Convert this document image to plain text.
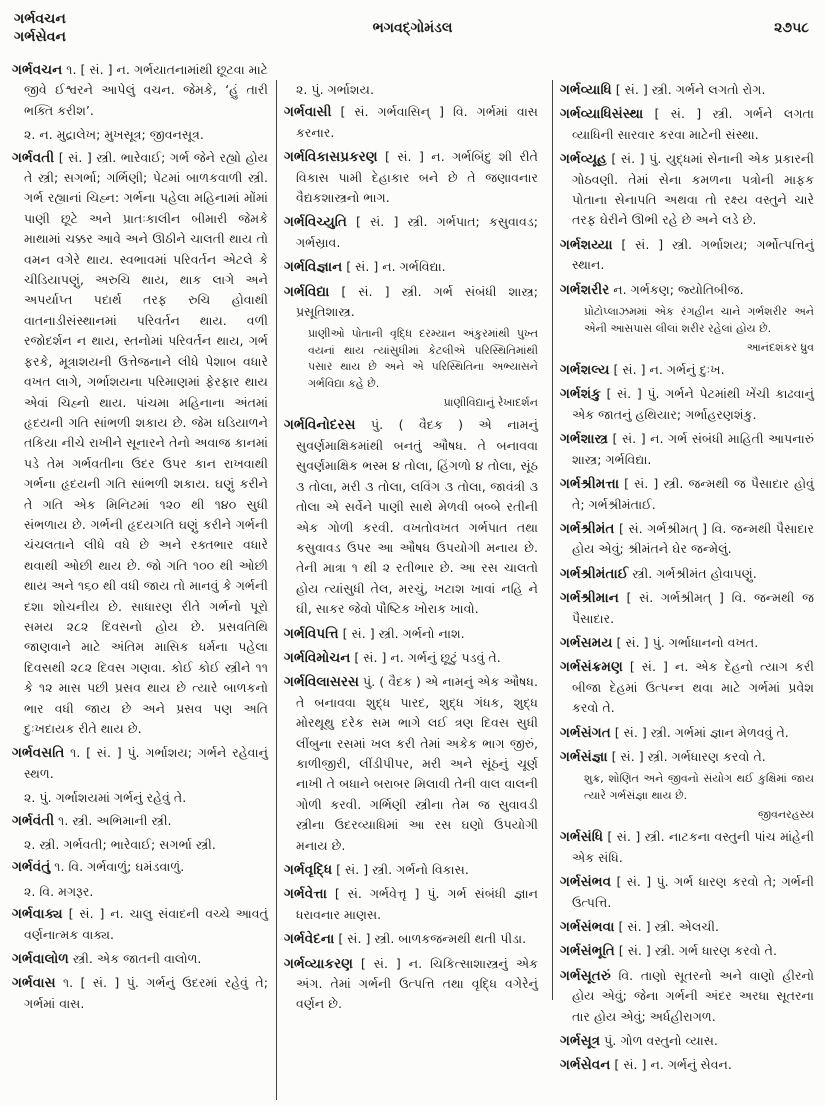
ગર્ભવચન
ગર્ભસેવન
ભગવદ્ગોમંડલ	૨૭૫૮
ગર્ભવચન ૧. [ સં. ] ન. ગર્ભયાતનામાંથી છૂટવા માટે જીવે ઈશ્વરને આપેલું વચન. જેમકે, ‘હું તારી ભક્તિ કરીશ’.
૨. ન. મુદ્રાલેખ; મુખસૂત્ર; જીવનસૂત્ર.
ગર્ભવતી [ સં. ] સ્ત્રી. ભારેવાઈ; ગર્ભ જેને રહ્યો હોય તે સ્ત્રી; સગર્ભા; ગર્ભિણી; પેટમાં બાળકવાળી સ્ત્રી. ગર્ભ રહ્યાનાં ચિહ્ન: ગર્ભના પહેલા મહિનામાં મોંમાં પાણી છૂટે અને પ્રાતઃકાલીન બીમારી જેમકે માથામાં ચક્કર આવે અને ઊઠીને ચાલતી થાય તો વમન વગેરે થાય. સ્વભાવમાં પરિવર્તન એટલે કે ચીડિયાપણું, અરુચિ થાય, થાક લાગે અને અપર્યાપ્ત પદાર્થ તરફ રુચિ હોવાથી વાતનાડીસંસ્થાનમાં પરિવર્તન થાય. વળી રજોદર્શન ન થાય, સ્તનોમાં પરિવર્તન થાય, ગર્ભ ફરકે, મૂત્રાશયની ઉત્તેજનાને લીધે પેશાબ વધારે વખત લાગે, ગર્ભાશયના પરિમાણમાં ફેરફાર થાય એવાં ચિહ્નો થાય. પાંચમા મહિનાના અંતમાં હૃદયની ગતિ સાંભળી શકાય છે. જેમ ઘડિયાળને તકિયા નીચે રાખીને સૂનારને તેનો અવાજ કાનમાં પડે તેમ ગર્ભવતીના ઉદર ઉપર કાન રાખવાથી ગર્ભના હૃદયની ગતિ સાંભળી શકાય. ઘણું કરીને તે ગતિ એક મિનિટમાં ૧૨૦ થી ૧૪૦ સુધી સંભળાય છે. ગર્ભની હૃદયગતિ ઘણું કરીને ગર્ભની ચંચલતાને લીધે વધે છે અને રક્તભાર વધારે થવાથી ઓછી થાય છે. જો ગતિ ૧૦૦ થી ઓછી થાય અને ૧૬૦ થી વધી જાય તો માનવું કે ગર્ભની દશા શોચનીય છે. સાધારણ રીતે ગર્ભનો પૂરો સમય ૨૮૨ દિવસનો હોય છે. પ્રસવતિથિ જાણવાને માટે અંતિમ માસિક ધર્મના પહેલા દિવસથી ૨૮૨ દિવસ ગણવા. કોઈ કોઈ સ્ત્રીને ૧૧ કે ૧૨ માસ પછી પ્રસવ થાય છે ત્યારે બાળકનો ભાર વધી જાય છે અને પ્રસવ પણ અતિ દુઃખદાયક રીતે થાય છે.
ગર્ભવસતિ ૧. [ સં. ] પું. ગર્ભાશય; ગર્ભને રહેવાનું સ્થળ.
૨. પું. ગર્ભાશયમાં ગર્ભનું રહેવું તે.
ગર્ભવંતી ૧. સ્ત્રી. અભિમાની સ્ત્રી.
૨. સ્ત્રી. ગર્ભવતી; ભારેવાઈ; સગર્ભા સ્ત્રી.
ગર્ભવંતું ૧. વિ. ગર્ભવાળું; ઘમંડવાળું.
૨. વિ. મગરૂર.
ગર્ભવાક્ય [ સં. ] ન. ચાલુ સંવાદની વચ્ચે આવતું વર્ણનાત્મક વાક્ય.
ગર્ભવાલોળ સ્ત્રી. એક જાતની વાલોળ.
ગર્ભવાસ ૧. [ સં. ] પું. ગર્ભનું ઉદરમાં રહેવું તે; ગર્ભમાં વાસ.
૨. પું. ગર્ભાશય.
ગર્ભવાસી [ સં. ગર્ભવાસિન્ ] વિ. ગર્ભમાં વાસ કરનાર.
ગર્ભવિકાસપ્રકરણ [ સં. ] ન. ગર્ભબિંદુ શી રીતે વિકાસ પામી દેહાકાર બને છે તે જણાવનાર વૈદ્યકશાસ્ત્રનો ભાગ.
ગર્ભવિચ્યુતિ [ સં. ] સ્ત્રી. ગર્ભપાત; કસુવાવડ; ગર્ભસ્રાવ.
ગર્ભવિજ્ઞાન [ સં. ] ન. ગર્ભવિદ્યા.
ગર્ભવિદ્યા [ સં. ] સ્ત્રી. ગર્ભ સંબંધી શાસ્ત્ર; પ્રસૂતિશાસ્ત્ર.
પ્રાણીઓ પોતાની વૃદ્ધિ દરમ્યાન અંકુરમાંથી પુખ્ત વયનાં થાય ત્યાંસુધીમાં કેટલીએ પરિસ્થિતિમાંથી પસાર થાય છે અને એ પરિસ્થિતિના અભ્યાસને ગર્ભવિદ્યા કહે છે.
પ્રાણીવિદ્યાનું રેખાદર્શન
ગર્ભવિનોદરસ પું. ( વૈદક ) એ નામનું સુવર્ણમાક્ષિકમાંથી બનતું ઔષધ. તે બનાવવા સુવર્ણમાક્ષિક ભસ્મ ૪ તોલા, હિંગળો ૪ તોલા, સૂંઠ ૩ તોલા, મરી ૩ તોલા, લવિંગ ૩ તોલા, જાવંત્રી ૩ તોલા એ સર્વેને પાણી સાથે મેળવી બબ્બે રતીની એક ગોળી કરવી. વખતોવખત ગર્ભપાત તથા કસુવાવડ ઉપર આ ઔષધ ઉપયોગી મનાય છે. તેની માત્રા ૧ થી ૨ રતીભાર છે. આ રસ ચાલતો હોય ત્યાંસુધી તેલ, મરચું, ખટાશ ખાવાં નહિ ને ઘી, સાકર જેવો પૌષ્ટિક ખોરાક ખાવો.
ગર્ભવિપત્તિ [ સં. ] સ્ત્રી. ગર્ભનો નાશ.
ગર્ભવિમોચન [ સં. ] ન. ગર્ભનું છૂટું પડવું તે.
ગર્ભવિલાસરસ પું. ( વૈદક ) એ નામનું એક ઔષધ. તે બનાવવા શુદ્ધ પારદ, શુદ્ધ ગંધક, શુદ્ધ મોરથૂથુ દરેક સમ ભાગે લઈ ત્રણ દિવસ સુધી લીંબુના રસમાં ખલ કરી તેમાં અકેક ભાગ જીરું, કાળીજીરી, લીંડીપીપર, મરી અને સૂંઠનું ચૂર્ણ નાખી તે બધાને બરાબર મિલાવી તેની વાલ વાલની ગોળી કરવી. ગર્ભિણી સ્ત્રીના તેમ જ સુવાવડી સ્ત્રીના ઉદરવ્યાધિમાં આ રસ ઘણો ઉપયોગી મનાય છે.
ગર્ભવૃદ્ધિ [ સં. ] સ્ત્રી. ગર્ભનો વિકાસ.
ગર્ભવેત્તા [ સં. ગર્ભવેત્તૃ ] પું. ગર્ભ સંબંધી જ્ઞાન ધરાવનાર માણસ.
ગર્ભવેદના [ સં. ] સ્ત્રી. બાળકજન્મથી થતી પીડા.
ગર્ભવ્યાકરણ [ સં. ] ન. ચિકિત્સાશાસ્ત્રનું એક અંગ. તેમાં ગર્ભની ઉત્પત્તિ તથા વૃદ્ધિ વગેરેનું વર્ણન છે.
ગર્ભવ્યાધિ [ સં. ] સ્ત્રી. ગર્ભને લગતો રોગ.
ગર્ભવ્યાધિસંસ્થા [ સં. ] સ્ત્રી. ગર્ભને લગતા વ્યાધિની સારવાર કરવા માટેની સંસ્થા.
ગર્ભવ્યૂહ [ સં. ] પું. યુદ્ધમાં સેનાની એક પ્રકારની ગોઠવણી. તેમાં સેના કમળના પત્રોની માફક પોતાના સેનાપતિ અથવા તો રક્ષ્ય વસ્તુને ચારે તરફ ઘેરીને ઊભી રહે છે અને લડે છે.
ગર્ભશય્યા [ સં. ] સ્ત્રી. ગર્ભાશય; ગર્ભોત્પત્તિનું સ્થાન.
ગર્ભશરીર ન. ગર્ભકણ; જ્યોતિબીજ.
પ્રોટોપ્લાઝમમાં એક રંગહીન ચાને ગર્ભશરીર અને એની આસપાસ લીલાં શરીર રહેલાં હોય છે.
આનંદશંકર ધ્રુવ
ગર્ભશલ્ય [ સં. ] ન. ગર્ભનું દુઃખ.
ગર્ભશંકુ [ સં. ] પું. ગર્ભને પેટમાંથી ખેંચી કાઢવાનું એક જાતનું હથિયાર; ગર્ભાહરણશંકુ.
ગર્ભશાસ્ત્ર [ સં. ] ન. ગર્ભ સંબંધી માહિતી આપનારું શાસ્ત્ર; ગર્ભવિદ્યા.
ગર્ભશ્રીમત્તા [ સં. ] સ્ત્રી. જન્મથી જ પૈસાદાર હોવું તે; ગર્ભશ્રીમંતાઈ.
ગર્ભશ્રીમંત [ સં. ગર્ભશ્રીમત્ ] વિ. જન્મથી પૈસાદાર હોય એવું; શ્રીમંતને ઘેર જન્મેલું.
ગર્ભશ્રીમંતાઈ સ્ત્રી. ગર્ભશ્રીમંત હોવાપણું.
ગર્ભશ્રીમાન [ સં. ગર્ભશ્રીમત્ ] વિ. જન્મથી જ પૈસાદાર.
ગર્ભસમય [ સં. ] પું. ગર્ભાધાનનો વખત.
ગર્ભસંક્રમણ [ સં. ] ન. એક દેહનો ત્યાગ કરી બીજા દેહમાં ઉત્પન્ન થવા માટે ગર્ભમાં પ્રવેશ કરવો તે.
ગર્ભસંગત [ સં. ] સ્ત્રી. ગર્ભમાં જ્ઞાન મેળવવું તે.
ગર્ભસંજ્ઞા [ સં. ] સ્ત્રી. ગર્ભધારણ કરવો તે.
શુક્ર, શોણિત અને જીવનો સંયોગ થઈ કુક્ષિમાં જાય ત્યારે ગર્ભસંજ્ઞા થાય છે.
જીવનરહસ્ય
ગર્ભસંધિ [ સં. ] સ્ત્રી. નાટકના વસ્તુની પાંચ માંહેની એક સંધિ.
ગર્ભસંભવ [ સં. ] પું. ગર્ભ ધારણ કરવો તે; ગર્ભની ઉત્પત્તિ.
ગર્ભસંભવા [ સં. ] સ્ત્રી. એલચી.
ગર્ભસંભૂતિ [ સં. ] સ્ત્રી. ગર્ભ ધારણ કરવો તે.
ગર્ભસૂતરું વિ. તાણો સૂતરનો અને વાણો હીરનો હોય એવું; જેના ગર્ભની અંદર અરધા સૂતરના તાર હોય એવું; અર્ધહીરાગળ.
ગર્ભસૂત્ર પું. ગોળ વસ્તુનો વ્યાસ.
ગર્ભસેવન [ સં. ] ન. ગર્ભનું સેવન.
